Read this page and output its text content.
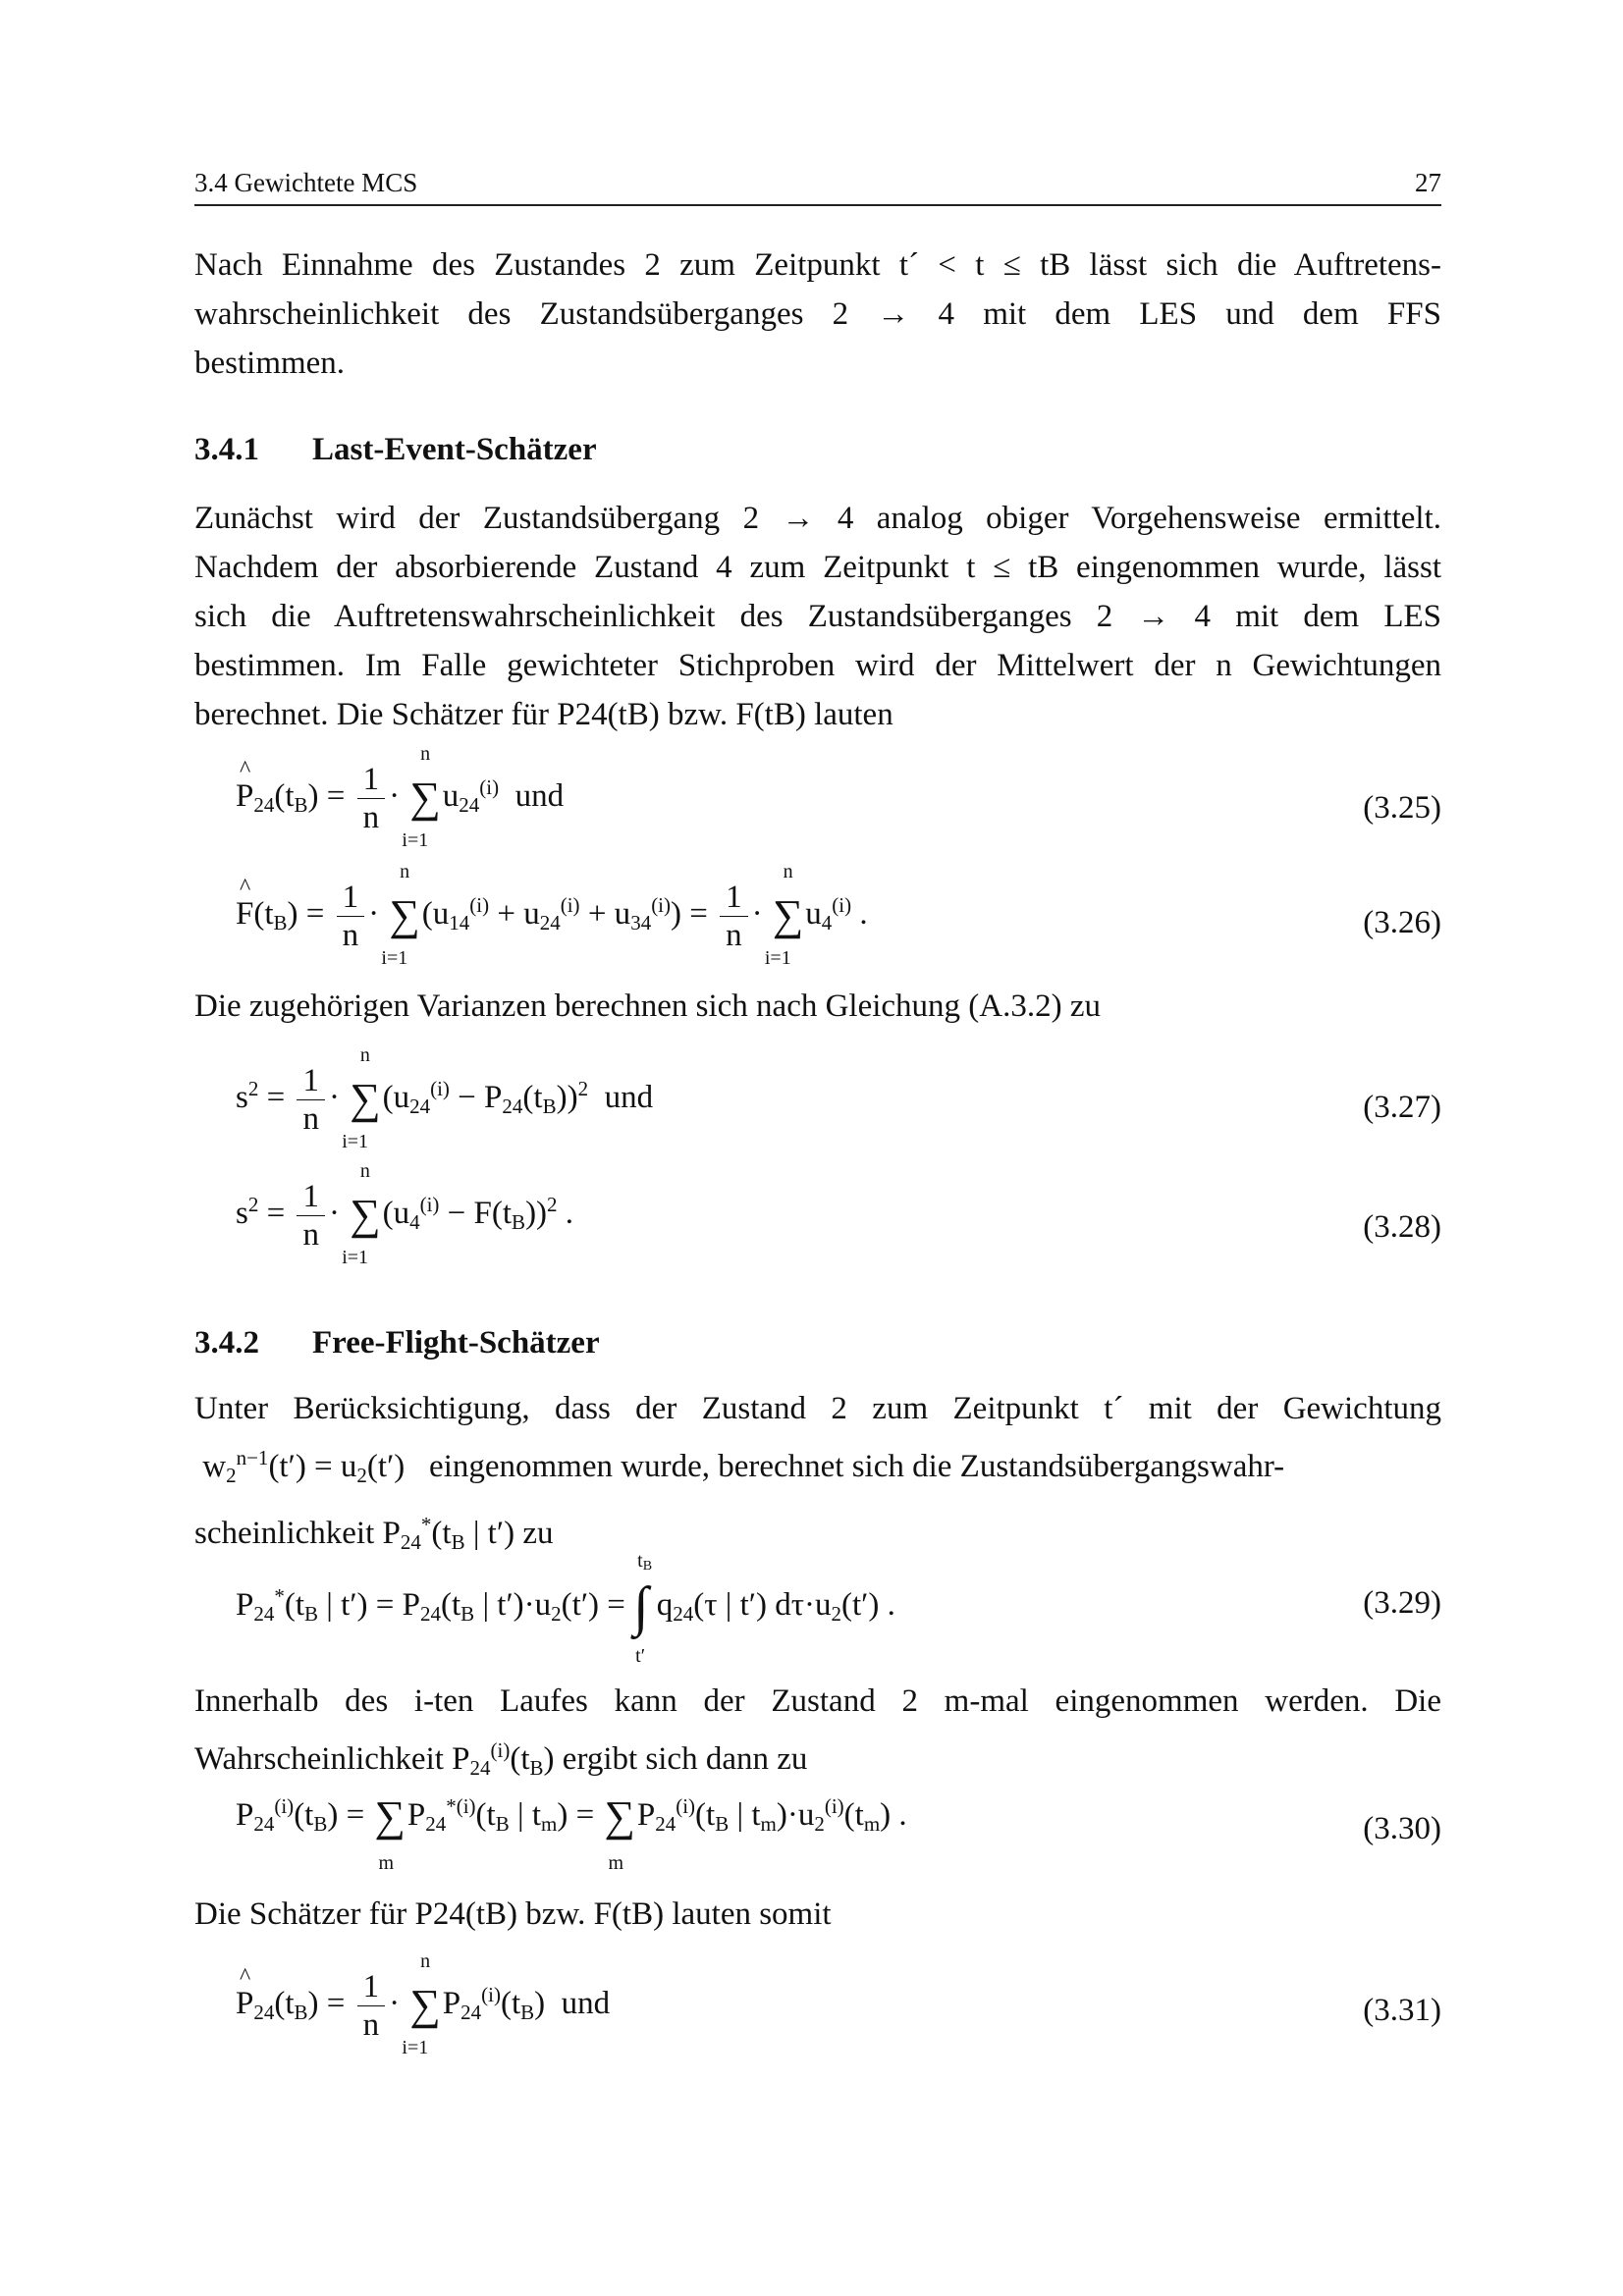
3.4 Gewichtete MCS	27
Nach Einnahme des Zustandes 2 zum Zeitpunkt t´ < t ≤ tB lässt sich die Auftretens-
wahrscheinlichkeit des Zustandsüberganges 2 → 4 mit dem LES und dem FFS
bestimmen.
3.4.1 Last-Event-Schätzer
Zunächst wird der Zustandsübergang 2 → 4 analog obiger Vorgehensweise ermittelt.
Nachdem der absorbierende Zustand 4 zum Zeitpunkt t ≤ tB eingenommen wurde, lässt
sich die Auftretenswahrscheinlichkeit des Zustandsüberganges 2 → 4 mit dem LES
bestimmen. Im Falle gewichteter Stichproben wird der Mittelwert der n Gewichtungen
berechnet. Die Schätzer für P24(tB) bzw. F(tB) lauten
^ $P_{24}(t_B) = \frac{1}{n}$ · ∑
n
i=1
$u_{24}^{(i)}$ und	(3.25)
^ $F(t_B) = \frac{1}{n}$ · ∑
n
i=1
$(u_{14}^{(i)} + u_{24}^{(i)} + u_{34}^{(i)}) = \frac{1}{n}$ · ∑
n
i=1
$u_4^{(i)}$ .	(3.26)
Die zugehörigen Varianzen berechnen sich nach Gleichung (A.3.2) zu
$s^2 = \frac{1}{n}$ · ∑
n
i=1
$(u_{24}^{(i)} - P_{24}(t_B))^2$ und	(3.27)
$s^2 = \frac{1}{n}$ · ∑
n
i=1
$(u_4^{(i)} - F(t_B))^2$ .	(3.28)
3.4.2 Free-Flight-Schätzer
Unter Berücksichtigung, dass der Zustand 2 zum Zeitpunkt t´ mit der Gewichtung
$w_2^{n-1}(t') = u_2(t')$   eingenommen wurde, berechnet sich die Zustandsübergangswahr-
scheinlichkeit $P_{24}^*(t_B$ | t′) zu
$P_{24}^*(t_B$ | $t') = P_{24}(t_B$ | $t')\cdot u_2(t')$ = ∫
$t_B$
t′
$q_{24}(\tau$ | t′) $d\tau\cdot u_2(t')$ .	(3.29)
Innerhalb des i-ten Laufes kann der Zustand 2 m-mal eingenommen werden. Die
Wahrscheinlichkeit $P_{24}^{(i)}(t_B)$ ergibt sich dann zu
$P_{24}^{(i)}(t_B)$ = ∑
m
$P_{24}^{*(i)}(t_B$ | $t_m$) = ∑
m
$P_{24}^{(i)}(t_B$ | $t_m)\cdot u_2^{(i)}(t_m)$ .	(3.30)
Die Schätzer für P24(tB) bzw. F(tB) lauten somit
^ $P_{24}(t_B) = \frac{1}{n}$ · ∑
n
i=1
$P_{24}^{(i)}(t_B)$  und	(3.31)
